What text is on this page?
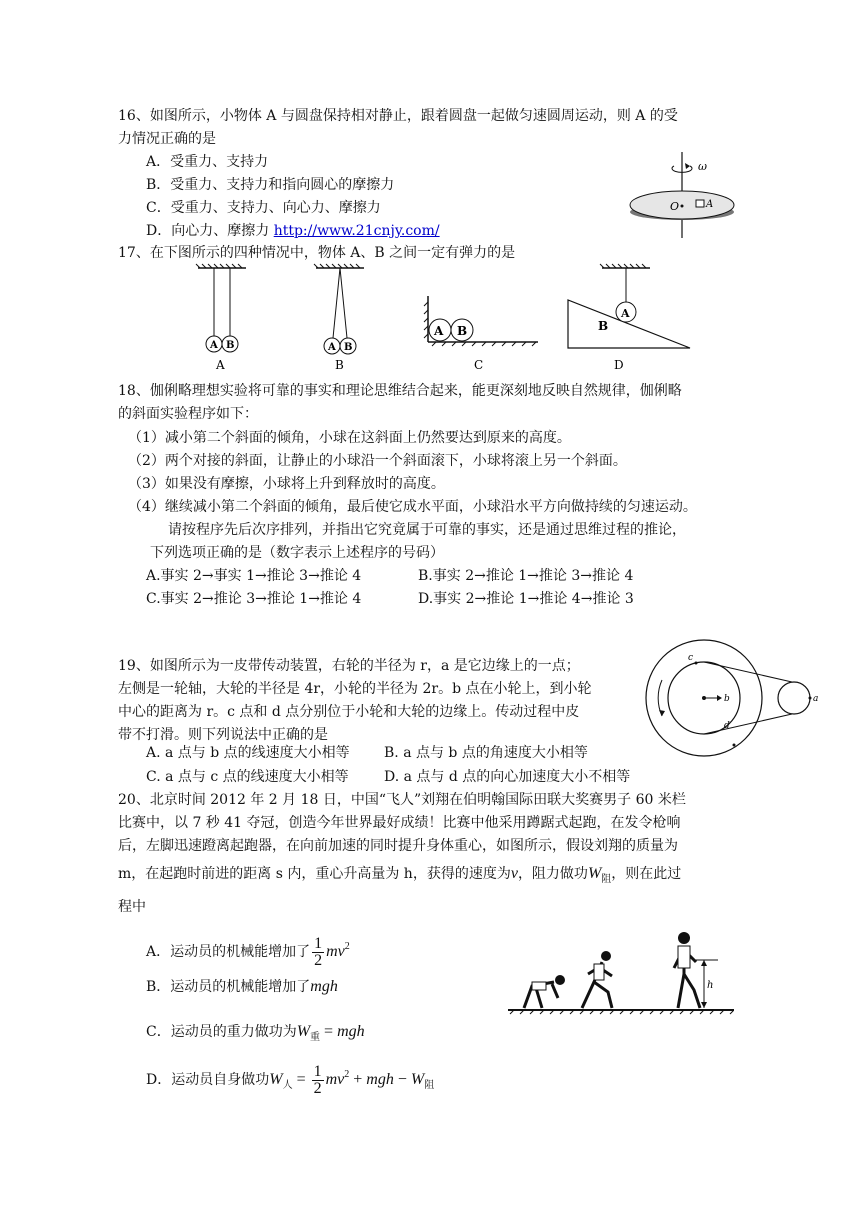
16、如图所示，小物体 A 与圆盘保持相对静止，跟着圆盘一起做匀速圆周运动，则 A 的受
力情况正确的是
A．受重力、支持力
B．受重力、支持力和指向圆心的摩擦力
C．受重力、支持力、向心力、摩擦力
D．向心力、摩擦力 http://www.21cnjy.com/
ω
O	A
17、在下图所示的四种情况中，物体 A、B 之间一定有弹力的是
A B
A
A B
B
A B
C
A
B
D
18、伽俐略理想实验将可靠的事实和理论思维结合起来，能更深刻地反映自然规律，伽俐略
的斜面实验程序如下：
（1）减小第二个斜面的倾角，小球在这斜面上仍然要达到原来的高度。
（2）两个对接的斜面，让静止的小球沿一个斜面滚下，小球将滚上另一个斜面。
（3）如果没有摩擦，小球将上升到释放时的高度。
（4）继续减小第二个斜面的倾角，最后使它成水平面，小球沿水平方向做持续的匀速运动。
请按程序先后次序排列，并指出它究竟属于可靠的事实，还是通过思维过程的推论，
下列选项正确的是（数字表示上述程序的号码）
A.事实 2→事实 1→推论 3→推论 4	B.事实 2→推论 1→推论 3→推论 4
C.事实 2→推论 3→推论 1→推论 4	D.事实 2→推论 1→推论 4→推论 3
19、如图所示为一皮带传动装置，右轮的半径为 r，a 是它边缘上的一点；
左侧是一轮轴，大轮的半径是 4r，小轮的半径为 2r。b 点在小轮上，到小轮
中心的距离为 r。c 点和 d 点分别位于小轮和大轮的边缘上。传动过程中皮
带不打滑。则下列说法中正确的是
A. a 点与 b 点的线速度大小相等 B. a 点与 b 点的角速度大小相等
C. a 点与 c 点的线速度大小相等	D. a 点与 d 点的向心加速度大小不相等
b
c
d
a
20、北京时间 2012 年 2 月 18 日，中国“飞人”刘翔在伯明翰国际田联大奖赛男子 60 米栏
比赛中，以 7 秒 41 夺冠，创造今年世界最好成绩！比赛中他采用蹲踞式起跑，在发令枪响
后，左脚迅速蹬离起跑器，在向前加速的同时提升身体重心，如图所示，假设刘翔的质量为
m，在起跑时前进的距离 s 内，重心升高量为 h，获得的速度为v，阻力做功$W_阻$，则在此过
程中
A．运动员的机械能增加了 $\frac{1}{2} mv^2$
B．运动员的机械能增加了mgh
C．运动员的重力做功为$W_重$ = mgh
D．运动员自身做功$W_人 = \frac{1}{2} mv^2$ + mgh − $W_阻$
h
